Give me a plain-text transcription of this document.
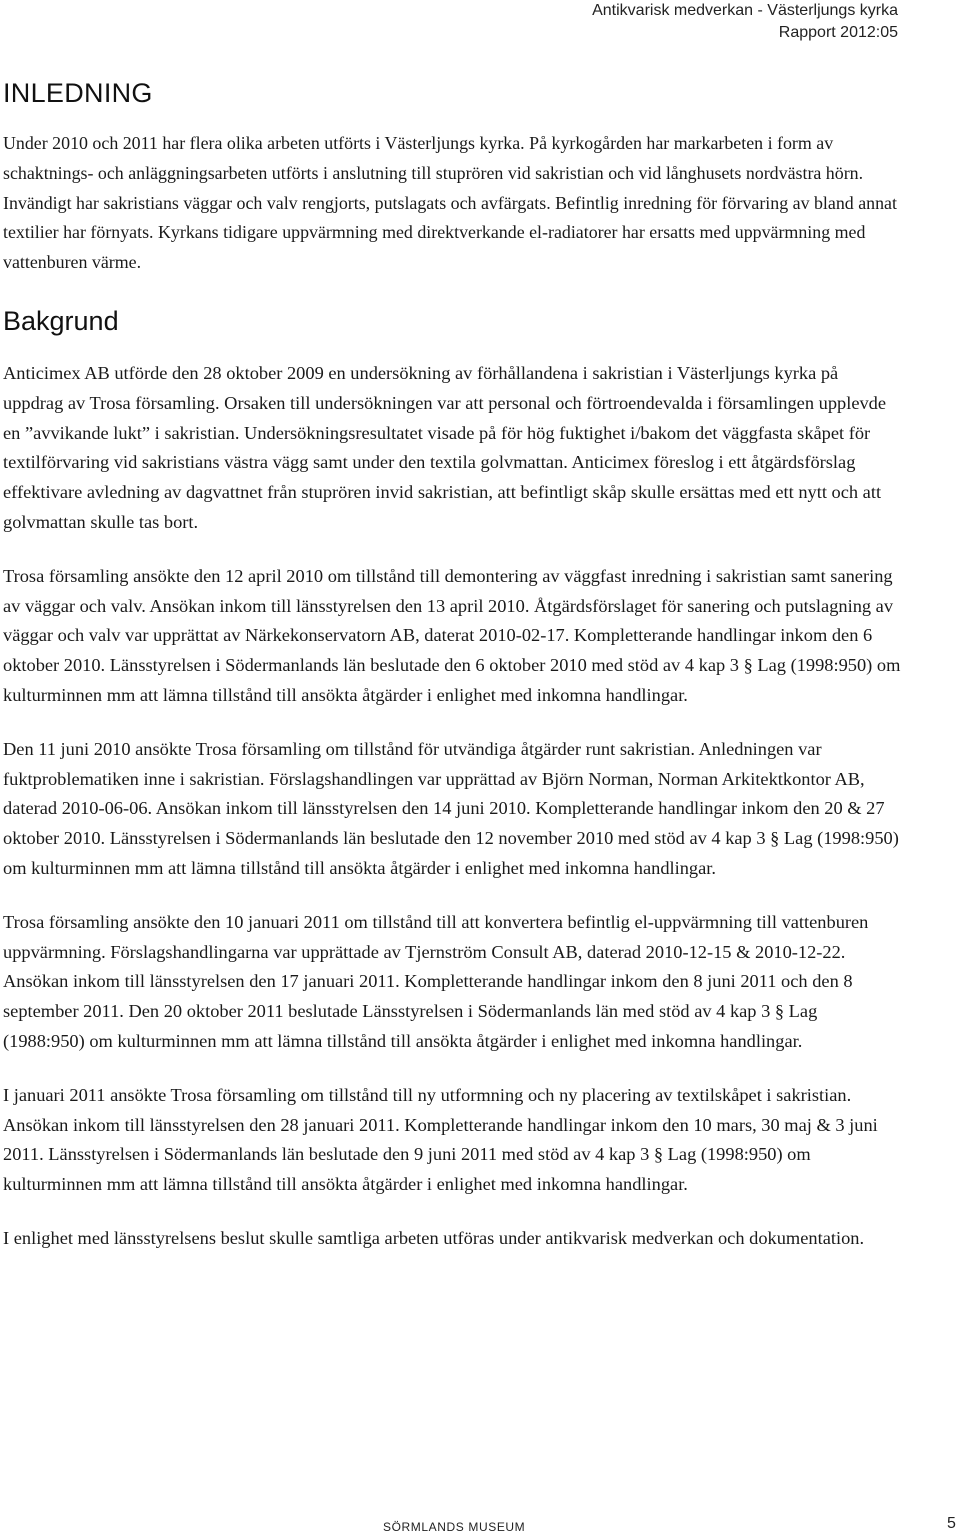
Antikvarisk medverkan - Västerljungs kyrka
Rapport 2012:05
INLEDNING

Under 2010 och 2011 har flera olika arbeten utförts i Västerljungs kyrka. På kyrkogården har markarbeten i form av schaktnings- och anläggningsarbeten utförts i anslutning till stuprören vid sakristian och vid långhusets nordvästra hörn. Invändigt har sakristians väggar och valv rengjorts, putslagats och avfärgats. Befintlig inredning för förvaring av bland annat textilier har förnyats. Kyrkans tidigare uppvärmning med direktverkande el-radiatorer har ersatts med uppvärmning med vattenburen värme.

Bakgrund

Anticimex AB utförde den 28 oktober 2009 en undersökning av förhållandena i sakristian i Västerljungs kyrka på uppdrag av Trosa församling. Orsaken till undersökningen var att personal och förtroendevalda i församlingen upplevde en ”avvikande lukt” i sakristian. Undersökningsresultatet visade på för hög fuktighet i/bakom det väggfasta skåpet för textilförvaring vid sakristians västra vägg samt under den textila golvmattan. Anticimex föreslog i ett åtgärdsförslag effektivare avledning av dagvattnet från stuprören invid sakristian, att befintligt skåp skulle ersättas med ett nytt och att golvmattan skulle tas bort.

Trosa församling ansökte den 12 april 2010 om tillstånd till demontering av väggfast inredning i sakristian samt sanering av väggar och valv. Ansökan inkom till länsstyrelsen den 13 april 2010. Åtgärdsförslaget för sanering och putslagning av väggar och valv var upprättat av Närkekonservatorn AB, daterat 2010-02-17. Kompletterande handlingar inkom den 6 oktober 2010. Länsstyrelsen i Södermanlands län beslutade den 6 oktober 2010 med stöd av 4 kap 3 § Lag (1998:950) om kulturminnen mm att lämna tillstånd till ansökta åtgärder i enlighet med inkomna handlingar.

Den 11 juni 2010 ansökte Trosa församling om tillstånd för utvändiga åtgärder runt sakristian. Anledningen var fuktproblematiken inne i sakristian. Förslagshandlingen var upprättad av Björn Norman, Norman Arkitektkontor AB, daterad 2010-06-06. Ansökan inkom till länsstyrelsen den 14 juni 2010. Kompletterande handlingar inkom den 20 & 27 oktober 2010. Länsstyrelsen i Södermanlands län beslutade den 12 november 2010 med stöd av 4 kap 3 § Lag (1998:950) om kulturminnen mm att lämna tillstånd till ansökta åtgärder i enlighet med inkomna handlingar.

Trosa församling ansökte den 10 januari 2011 om tillstånd till att konvertera befintlig el-uppvärmning till vattenburen uppvärmning. Förslagshandlingarna var upprättade av Tjernström Consult AB, daterad 2010-12-15 & 2010-12-22. Ansökan inkom till länsstyrelsen den 17 januari 2011. Kompletterande handlingar inkom den 8 juni 2011 och den 8 september 2011. Den 20 oktober 2011 beslutade Länsstyrelsen i Södermanlands län med stöd av 4 kap 3 § Lag (1988:950) om kulturminnen mm att lämna tillstånd till ansökta åtgärder i enlighet med inkomna handlingar.

I januari 2011 ansökte Trosa församling om tillstånd till ny utformning och ny placering av textilskåpet i sakristian. Ansökan inkom till länsstyrelsen den 28 januari 2011. Kompletterande handlingar inkom den 10 mars, 30 maj & 3 juni 2011. Länsstyrelsen i Södermanlands län beslutade den 9 juni 2011 med stöd av 4 kap 3 § Lag (1998:950) om kulturminnen mm att lämna tillstånd till ansökta åtgärder i enlighet med inkomna handlingar.

I enlighet med länsstyrelsens beslut skulle samtliga arbeten utföras under antikvarisk medverkan och dokumentation.

SÖRMLANDS MUSEUM	5
